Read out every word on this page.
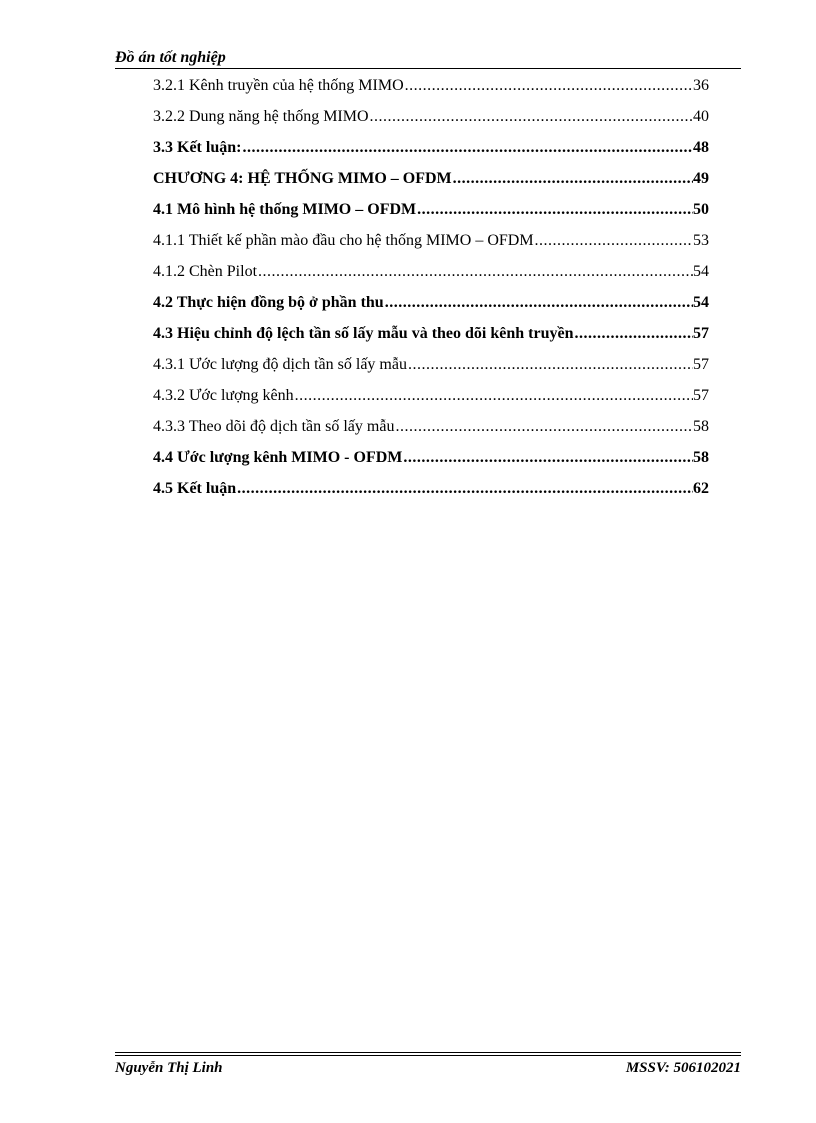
Đồ án tốt nghiệp
3.2.1 Kênh truyền của hệ thống MIMO .....	36
3.2.2 Dung năng hệ thống MIMO .....	40
3.3 Kết luận: .....	48
CHƯƠNG 4: HỆ THỐNG MIMO – OFDM .....	49
4.1 Mô hình hệ thống MIMO – OFDM .....	50
4.1.1 Thiết kế phần mào đầu cho hệ thống MIMO – OFDM .....	53
4.1.2 Chèn Pilot .....	54
4.2 Thực hiện đồng bộ ở phần thu .....	54
4.3 Hiệu chỉnh độ lệch tần số lấy mẫu và theo dõi kênh truyền .....	57
4.3.1 Ước lượng độ dịch tần số lấy mẫu .....	57
4.3.2 Ước lượng kênh .....	57
4.3.3 Theo dõi độ dịch tần số lấy mẫu .....	58
4.4 Ước lượng kênh MIMO - OFDM .....	58
4.5 Kết luận .....	62
Nguyễn Thị Linh	MSSV: 506102021
